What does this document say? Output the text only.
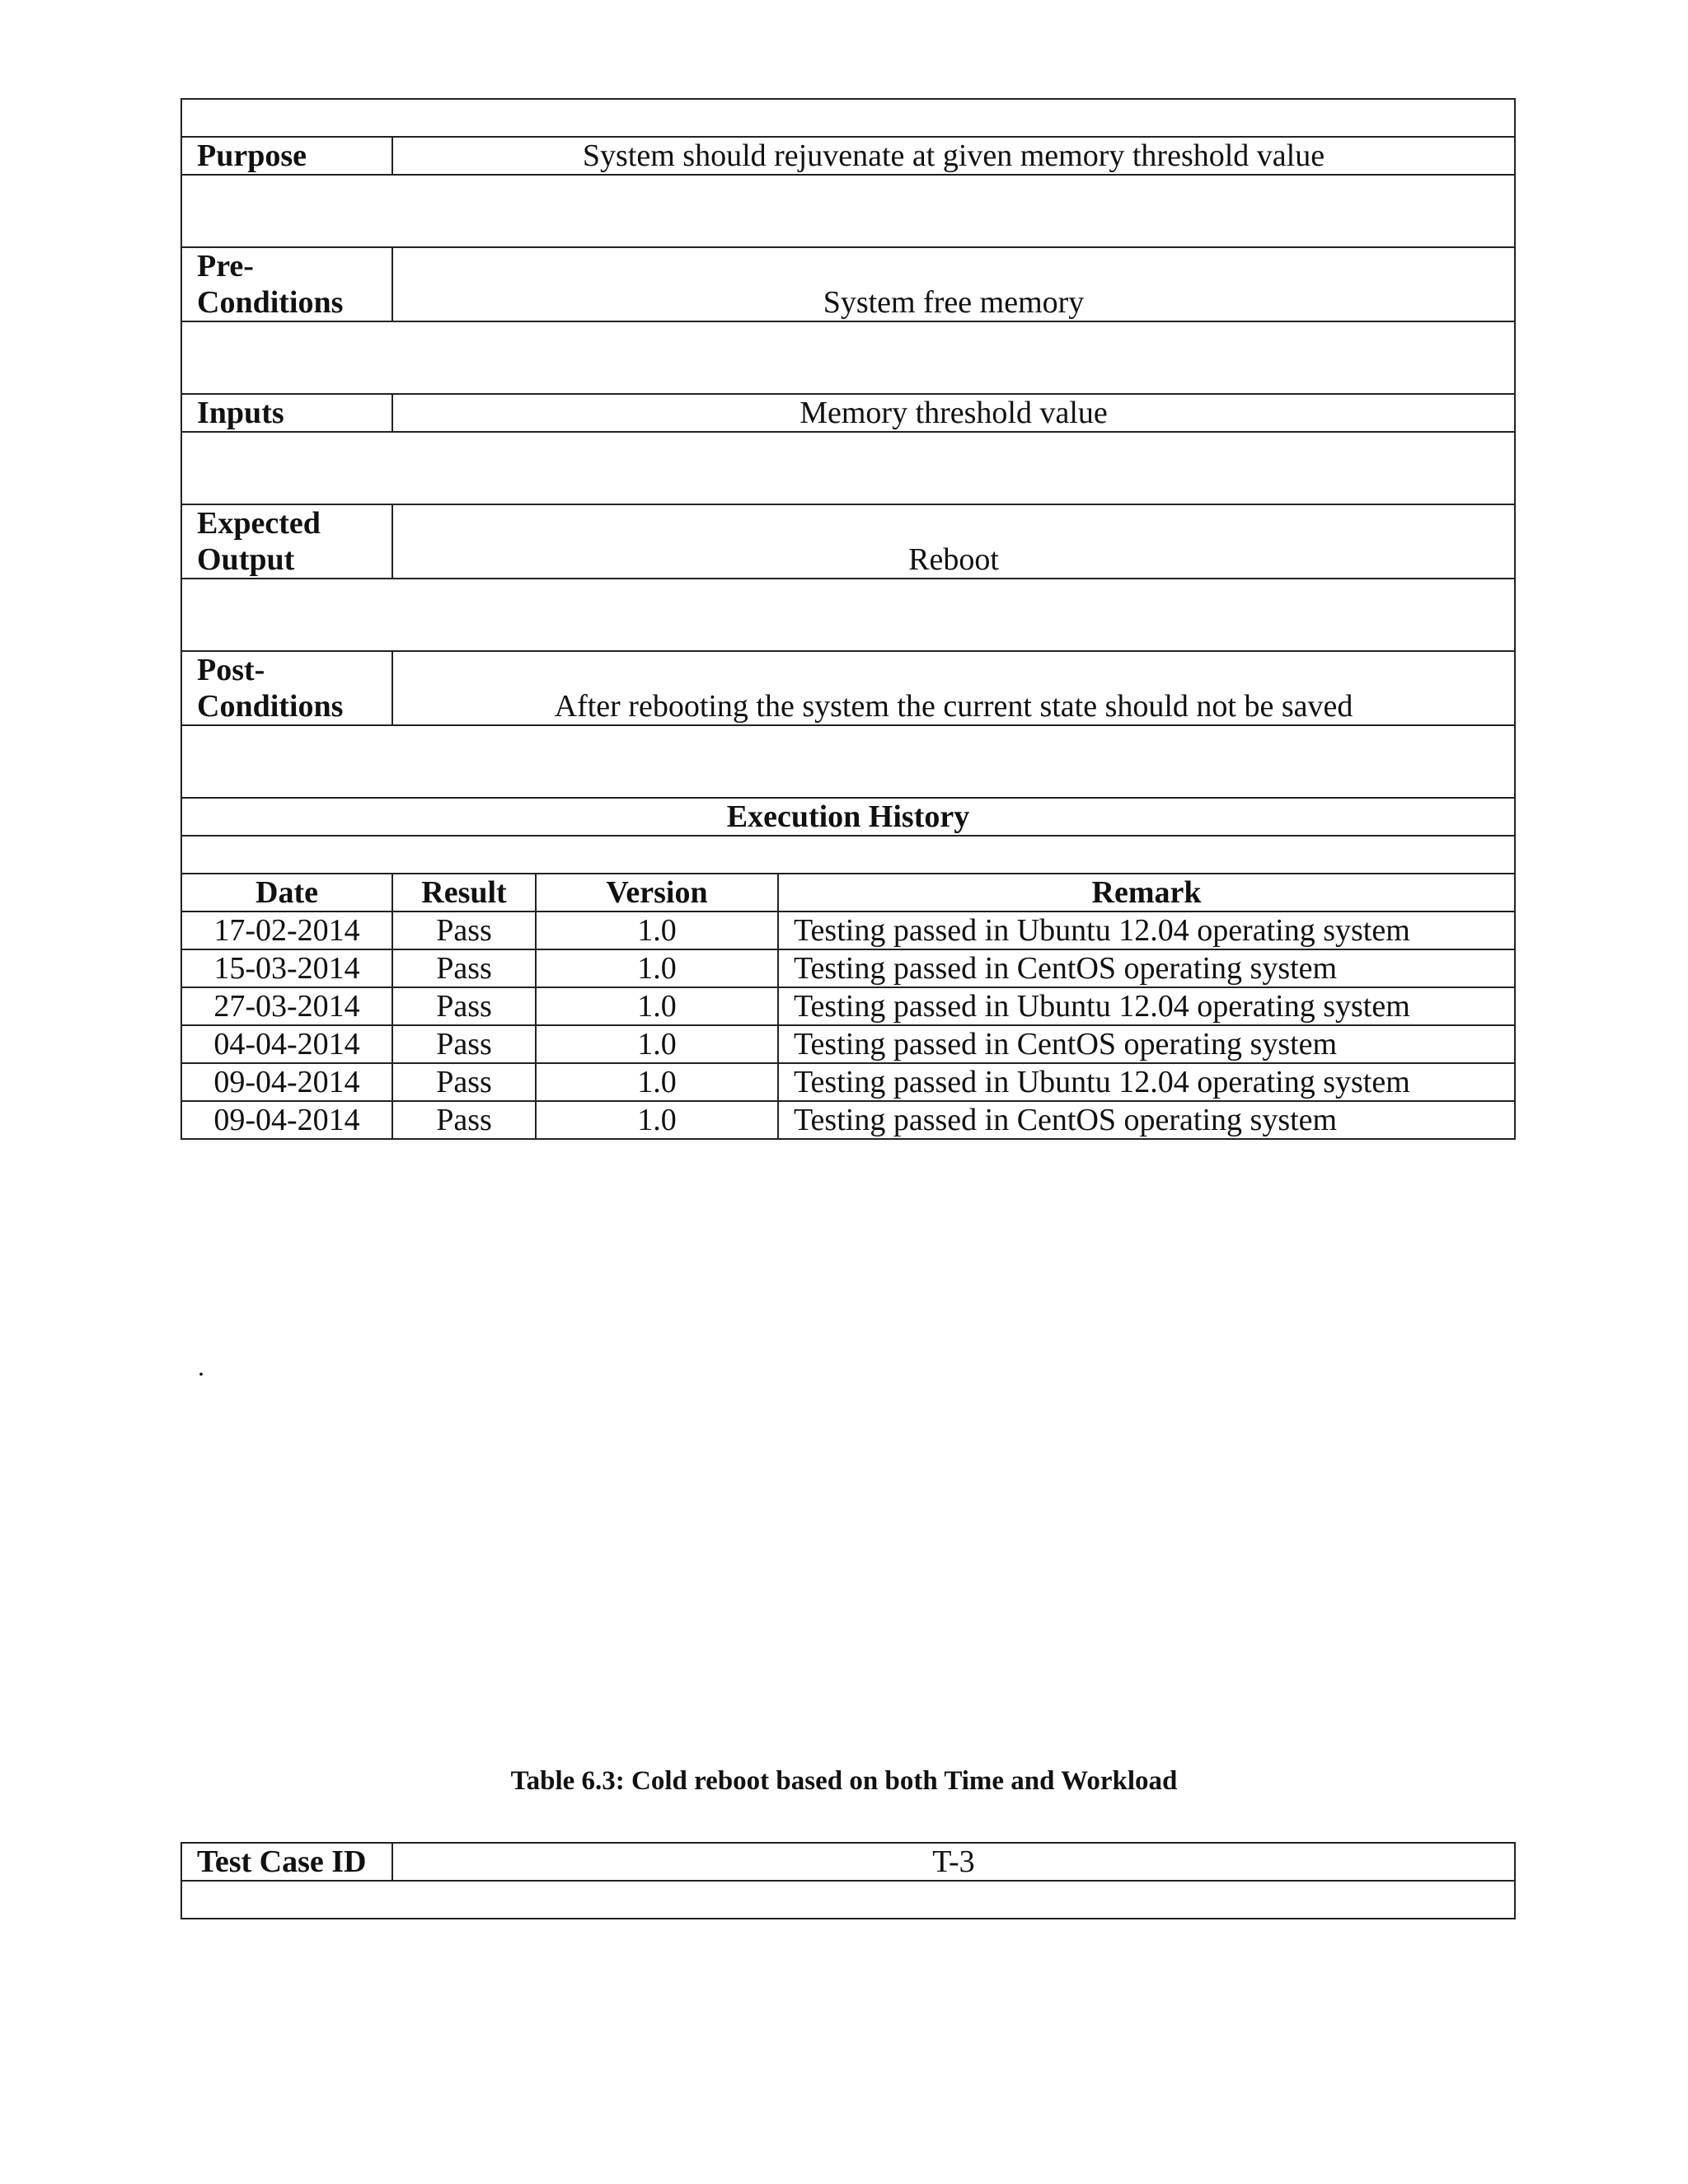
Purpose	System should rejuvenate at given memory threshold value		

Pre-
Conditions	System free memory		

Inputs	Memory threshold value		

Expected
Output	Reboot		

Post-
Conditions	After rebooting the system the current state should not be saved		

Execution History			

Date	Result	Version	Remark
17-02-2014	Pass	1.0	Testing passed in Ubuntu 12.04 operating system
15-03-2014	Pass	1.0	Testing passed in CentOS operating system
27-03-2014	Pass	1.0	Testing passed in Ubuntu 12.04 operating system
04-04-2014	Pass	1.0	Testing passed in CentOS operating system
09-04-2014	Pass	1.0	Testing passed in Ubuntu 12.04 operating system
09-04-2014	Pass	1.0	Testing passed in CentOS operating system
.
Table 6.3: Cold reboot based on both Time and Workload
Test Case ID	T-3
